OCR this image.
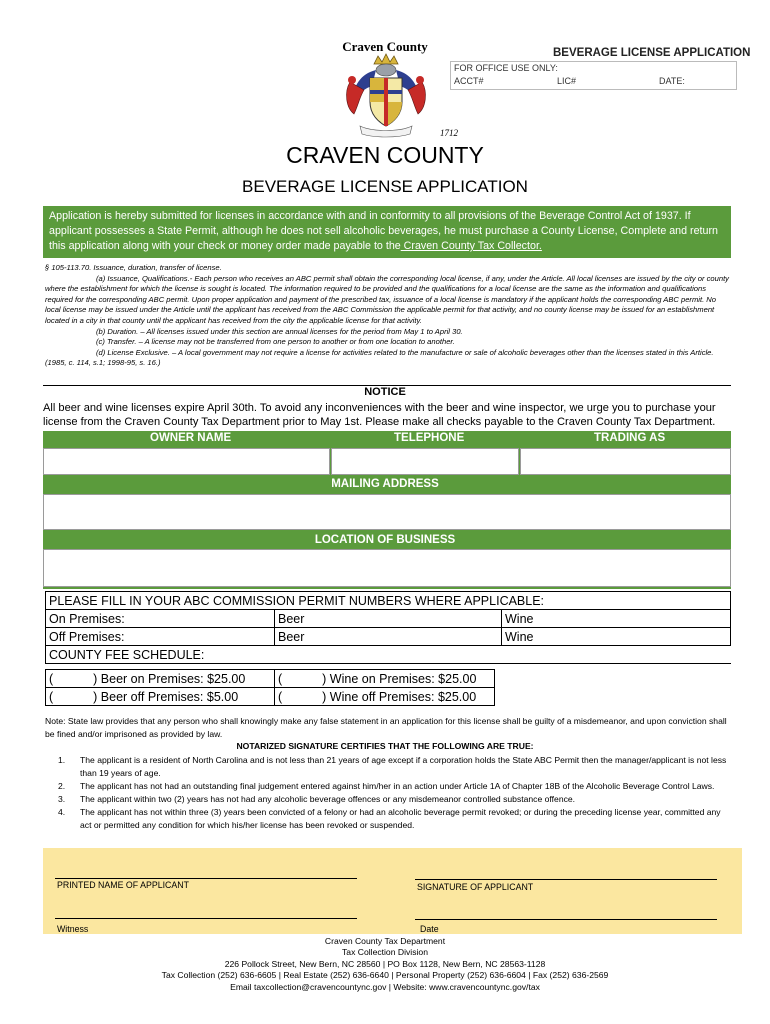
Craven County
1712
BEVERAGE LICENSE APPLICATION
FOR OFFICE USE ONLY:
ACCT#	LIC#	DATE:
CRAVEN COUNTY
BEVERAGE LICENSE APPLICATION
Application is hereby submitted for licenses in accordance with and in conformity to all provisions of the Beverage Control Act of 1937. If applicant possesses a State Permit, although he does not sell alcoholic beverages, he must purchase a County License, Complete and return this application along with your check or money order made payable to the Craven County Tax Collector.
§ 105-113.70. Issuance, duration, transfer of license.
(a) Issuance, Qualifications.- Each person who receives an ABC permit shall obtain the corresponding local license, if any, under the Article. All local licenses are issued by the city or county where the establishment for which the license is sought is located. The information required to be provided and the qualifications for a local license are the same as the information and qualifications required for the corresponding ABC permit. Upon proper application and payment of the prescribed tax, issuance of a local license is mandatory if the applicant holds the corresponding ABC permit. No local license may be issued under the Article until the applicant has received from the ABC Commission the applicable permit for that activity, and no county license may be issued for an establishment located in a city in that county until the applicant has received from the city the applicable license for that activity.
(b) Duration. – All licenses issued under this section are annual licenses for the period from May 1 to April 30.
(c) Transfer. – A license may not be transferred from one person to another or from one location to another.
(d) License Exclusive. – A local government may not require a license for activities related to the manufacture or sale of alcoholic beverages other than the licenses stated in this Article. (1985, c. 114, s.1; 1998-95, s. 16.)
NOTICE
All beer and wine licenses expire April 30th. To avoid any inconveniences with the beer and wine inspector, we urge you to purchase your license from the Craven County Tax Department prior to May 1st. Please make all checks payable to the Craven County Tax Department.
OWNER NAME	TELEPHONE	TRADING AS
MAILING ADDRESS
LOCATION OF BUSINESS
PLEASE FILL IN YOUR ABC COMMISSION PERMIT NUMBERS WHERE APPLICABLE:		
On Premises:	Beer	Wine
Off Premises:	Beer	Wine
COUNTY FEE SCHEDULE:		
( ) Beer on Premises: $25.00	( ) Wine on Premises: $25.00
( ) Beer off Premises: $5.00	( ) Wine off Premises: $25.00
Note: State law provides that any person who shall knowingly make any false statement in an application for this license shall be guilty of a misdemeanor, and upon conviction shall be fined and/or imprisoned as provided by law.
NOTARIZED SIGNATURE CERTIFIES THAT THE FOLLOWING ARE TRUE:
1.	The applicant is a resident of North Carolina and is not less than 21 years of age except if a corporation holds the State ABC Permit then the manager/applicant is not less than 19 years of age.
2.	The applicant has not had an outstanding final judgement entered against him/her in an action under Article 1A of Chapter 18B of the Alcoholic Beverage Control Laws.
3.	The applicant within two (2) years has not had any alcoholic beverage offences or any misdemeanor controlled substance offence.
4.	The applicant has not within three (3) years been convicted of a felony or had an alcoholic beverage permit revoked; or during the preceding license year, committed any act or permitted any condition for which his/her license has been revoked or suspended.
PRINTED NAME OF APPLICANT	SIGNATURE OF APPLICANT
Witness	Date
Craven County Tax Department
Tax Collection Division
226 Pollock Street, New Bern, NC 28560 | PO Box 1128, New Bern, NC 28563-1128
Tax Collection (252) 636-6605 | Real Estate (252) 636-6640 | Personal Property (252) 636-6604 | Fax (252) 636-2569
Email taxcollection@cravencountync.gov | Website: www.cravencountync.gov/tax
